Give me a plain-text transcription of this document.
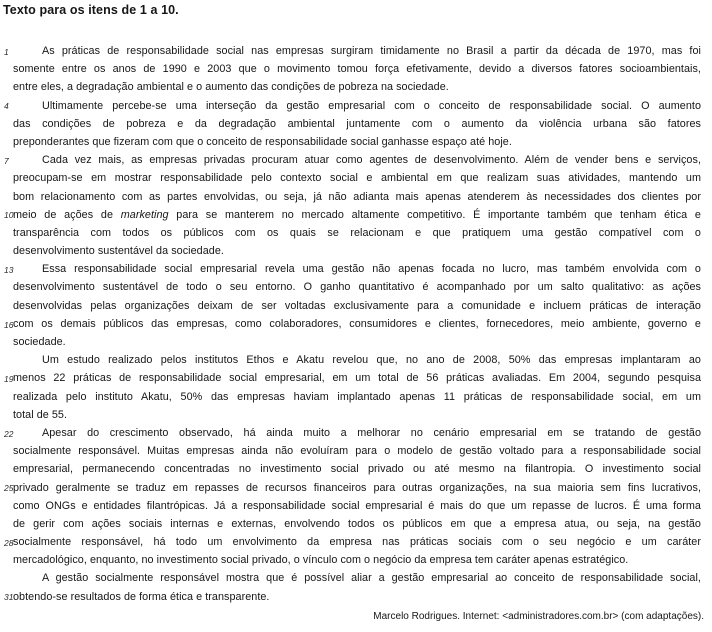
Texto para os itens de 1 a 10.
1	As práticas de responsabilidade social nas empresas surgiram timidamente no Brasil a partir da década de 1970, mas foi
somente entre os anos de 1990 e 2003 que o movimento tomou força efetivamente, devido a diversos fatores socioambientais,
entre eles, a degradação ambiental e o aumento das condições de pobreza na sociedade.
4	Ultimamente percebe-se uma interseção da gestão empresarial com o conceito de responsabilidade social. O aumento
das condições de pobreza e da degradação ambiental juntamente com o aumento da violência urbana são fatores
preponderantes que fizeram com que o conceito de responsabilidade social ganhasse espaço até hoje.
7	Cada vez mais, as empresas privadas procuram atuar como agentes de desenvolvimento. Além de vender bens e serviços,
preocupam-se em mostrar responsabilidade pelo contexto social e ambiental em que realizam suas atividades, mantendo um
bom relacionamento com as partes envolvidas, ou seja, já não adianta mais apenas atenderem às necessidades dos clientes por
10 meio de ações de marketing para se manterem no mercado altamente competitivo. É importante também que tenham ética e
transparência com todos os públicos com os quais se relacionam e que pratiquem uma gestão compatível com o
desenvolvimento sustentável da sociedade.
13	Essa responsabilidade social empresarial revela uma gestão não apenas focada no lucro, mas também envolvida com o
desenvolvimento sustentável de todo o seu entorno. O ganho quantitativo é acompanhado por um salto qualitativo: as ações
desenvolvidas pelas organizações deixam de ser voltadas exclusivamente para a comunidade e incluem práticas de interação
16 com os demais públicos das empresas, como colaboradores, consumidores e clientes, fornecedores, meio ambiente, governo e
sociedade.
Um estudo realizado pelos institutos Ethos e Akatu revelou que, no ano de 2008, 50% das empresas implantaram ao
19 menos 22 práticas de responsabilidade social empresarial, em um total de 56 práticas avaliadas. Em 2004, segundo pesquisa
realizada pelo instituto Akatu, 50% das empresas haviam implantado apenas 11 práticas de responsabilidade social, em um
total de 55.
22	Apesar do crescimento observado, há ainda muito a melhorar no cenário empresarial em se tratando de gestão
socialmente responsável. Muitas empresas ainda não evoluíram para o modelo de gestão voltado para a responsabilidade social
empresarial, permanecendo concentradas no investimento social privado ou até mesmo na filantropia. O investimento social
25 privado geralmente se traduz em repasses de recursos financeiros para outras organizações, na sua maioria sem fins lucrativos,
como ONGs e entidades filantrópicas. Já a responsabilidade social empresarial é mais do que um repasse de lucros. É uma forma
de gerir com ações sociais internas e externas, envolvendo todos os públicos em que a empresa atua, ou seja, na gestão
28 socialmente responsável, há todo um envolvimento da empresa nas práticas sociais com o seu negócio e um caráter
mercadológico, enquanto, no investimento social privado, o vínculo com o negócio da empresa tem caráter apenas estratégico.
A gestão socialmente responsável mostra que é possível aliar a gestão empresarial ao conceito de responsabilidade social,
31 obtendo-se resultados de forma ética e transparente.
Marcelo Rodrigues. Internet: <administradores.com.br> (com adaptações).
